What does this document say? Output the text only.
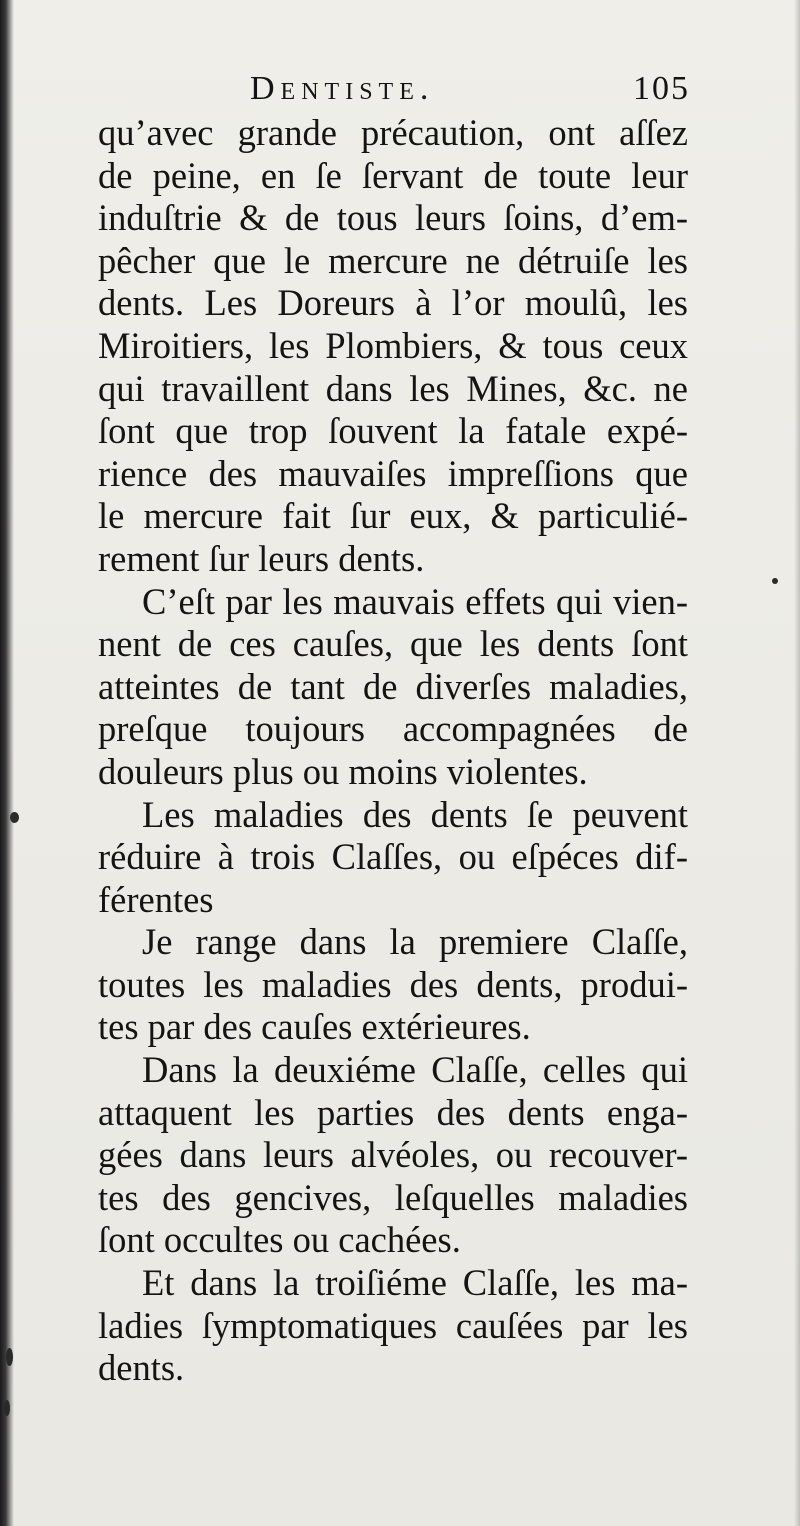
Dentiste.	105
qu’avec grande précaution, ont aſſez
de peine, en ſe ſervant de toute leur
induſtrie & de tous leurs ſoins, d’em-
pêcher que le mercure ne détruiſe les
dents. Les Doreurs à l’or moulû, les
Miroitiers, les Plombiers, & tous ceux
qui travaillent dans les Mines, &c. ne
ſont que trop ſouvent la fatale expé-
rience des mauvaiſes impreſſions que
le mercure fait ſur eux, & particulié-
rement ſur leurs dents.
C’eſt par les mauvais effets qui vien-
nent de ces cauſes, que les dents ſont
atteintes de tant de diverſes maladies,
preſque toujours accompagnées de
douleurs plus ou moins violentes.
Les maladies des dents ſe peuvent
réduire à trois Claſſes, ou eſpéces dif-
férentes
Je range dans la premiere Claſſe,
toutes les maladies des dents, produi-
tes par des cauſes extérieures.
Dans la deuxiéme Claſſe, celles qui
attaquent les parties des dents enga-
gées dans leurs alvéoles, ou recouver-
tes des gencives, leſquelles maladies
ſont occultes ou cachées.
Et dans la troiſiéme Claſſe, les ma-
ladies ſymptomatiques cauſées par les
dents.
